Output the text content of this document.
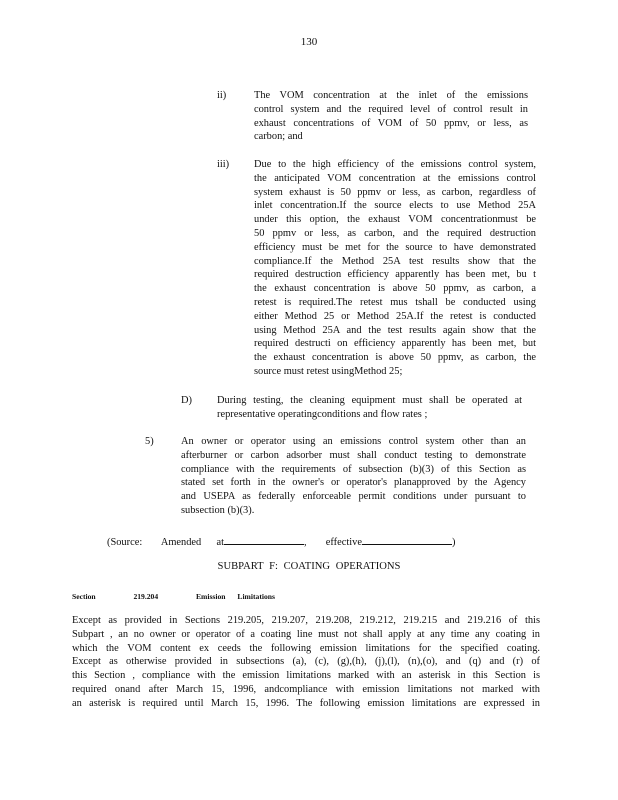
130
ii)	The VOM concentration at the inlet of the emissions
control system and the required level of control result in
exhaust concentrations of VOM of 50 ppmv, or less, as
carbon; and
iii) Due to the high efficiency of the emissions control system,
the anticipated VOM concentration at the emissions control
system exhaust is 50 ppmv or less, as carbon, regardless of
inlet concentration.If the source elects to use Method 25A
under this option, the exhaust VOM concentrationmust be
50 ppmv or less, as carbon, and the required destruction
efficiency must be met for the source to have demonstrated
compliance.If the Method 25A test results show that the
required destruction efficiency apparently has been met, bu t
the exhaust concentration is above 50 ppmv, as carbon, a
retest is required.The retest mus tshall be conducted using
either Method 25 or Method 25A.If the retest is conducted
using Method 25A and the test results again show that the
required destructi on efficiency apparently has been met, but
the exhaust concentration is above 50 ppmv, as carbon, the
source must retest usingMethod 25;
D) During testing, the cleaning equipment must shall be operated at
representative operatingconditions and flow rates ;
5)	An owner or operator using an emissions control system other than an
afterburner or carbon adsorber must shall conduct testing to demonstrate
compliance with the requirements of subsection (b)(3) of this Section as
stated set forth in the owner's or operator's planapproved by the Agency
and USEPA as federally enforceable permit conditions under pursuant to
subsection (b)(3).
(Source: Amended at	, effective	)
SUBPART F: COATING OPERATIONS
Section	219.204	Emission Limitations
Except as provided in Sections 219.205, 219.207, 219.208, 219.212, 219.215 and 219.216 of this
Subpart , an no owner or operator of a coating line must not shall apply at any time any coating in
which the VOM content ex ceeds the following emission limitations for the specified coating.
Except as otherwise provided in subsections (a), (c), (g),(h), (j),(l), (n),(o), and (q) and (r) of
this Section , compliance with the emission limitations marked with an asterisk in this Section is
required onand after March 15, 1996, andcompliance with emission limitations not marked with
an asterisk is required until March 15, 1996. The following emission limitations are expressed in
